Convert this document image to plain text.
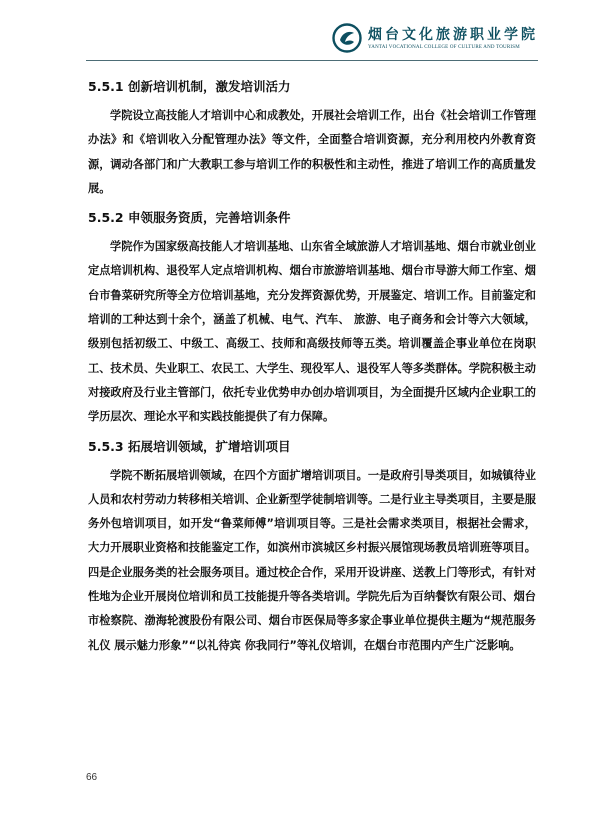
烟台文化旅游职业学院
YANTAI VOCATIONAL COLLEGE OF CULTURE AND TOURISM
5.5.1 创新培训机制，激发培训活力

学院设立高技能人才培训中心和成教处，开展社会培训工作，出台《社会培训工作管理办法》和《培训收入分配管理办法》等文件，全面整合培训资源，充分利用校内外教育资源，调动各部门和广大教职工参与培训工作的积极性和主动性，推进了培训工作的高质量发展。

5.5.2 申领服务资质，完善培训条件

学院作为国家级高技能人才培训基地、山东省全域旅游人才培训基地、烟台市就业创业定点培训机构、退役军人定点培训机构、烟台市旅游培训基地、烟台市导游大师工作室、烟台市鲁菜研究所等全方位培训基地，充分发挥资源优势，开展鉴定、培训工作。目前鉴定和培训的工种达到十余个，涵盖了机械、电气、汽车、 旅游、电子商务和会计等六大领域，级别包括初级工、中级工、高级工、技师和高级技师等五类。培训覆盖企事业单位在岗职工、技术员、失业职工、农民工、大学生、现役军人、退役军人等多类群体。学院积极主动对接政府及行业主管部门，依托专业优势申办创办培训项目，为全面提升区域内企业职工的学历层次、理论水平和实践技能提供了有力保障。

5.5.3 拓展培训领域，扩增培训项目

学院不断拓展培训领域，在四个方面扩增培训项目。一是政府引导类项目，如城镇待业人员和农村劳动力转移相关培训、企业新型学徒制培训等。二是行业主导类项目，主要是服务外包培训项目，如开发“鲁菜师傅”培训项目等。三是社会需求类项目，根据社会需求，大力开展职业资格和技能鉴定工作，如滨州市滨城区乡村振兴展馆现场教员培训班等项目。四是企业服务类的社会服务项目。通过校企合作，采用开设讲座、送教上门等形式，有针对性地为企业开展岗位培训和员工技能提升等各类培训。学院先后为百纳餐饮有限公司、烟台市检察院、渤海轮渡股份有限公司、烟台市医保局等多家企事业单位提供主题为“规范服务礼仪 展示魅力形象”“以礼待宾 你我同行”等礼仪培训，在烟台市范围内产生广泛影响。

66
